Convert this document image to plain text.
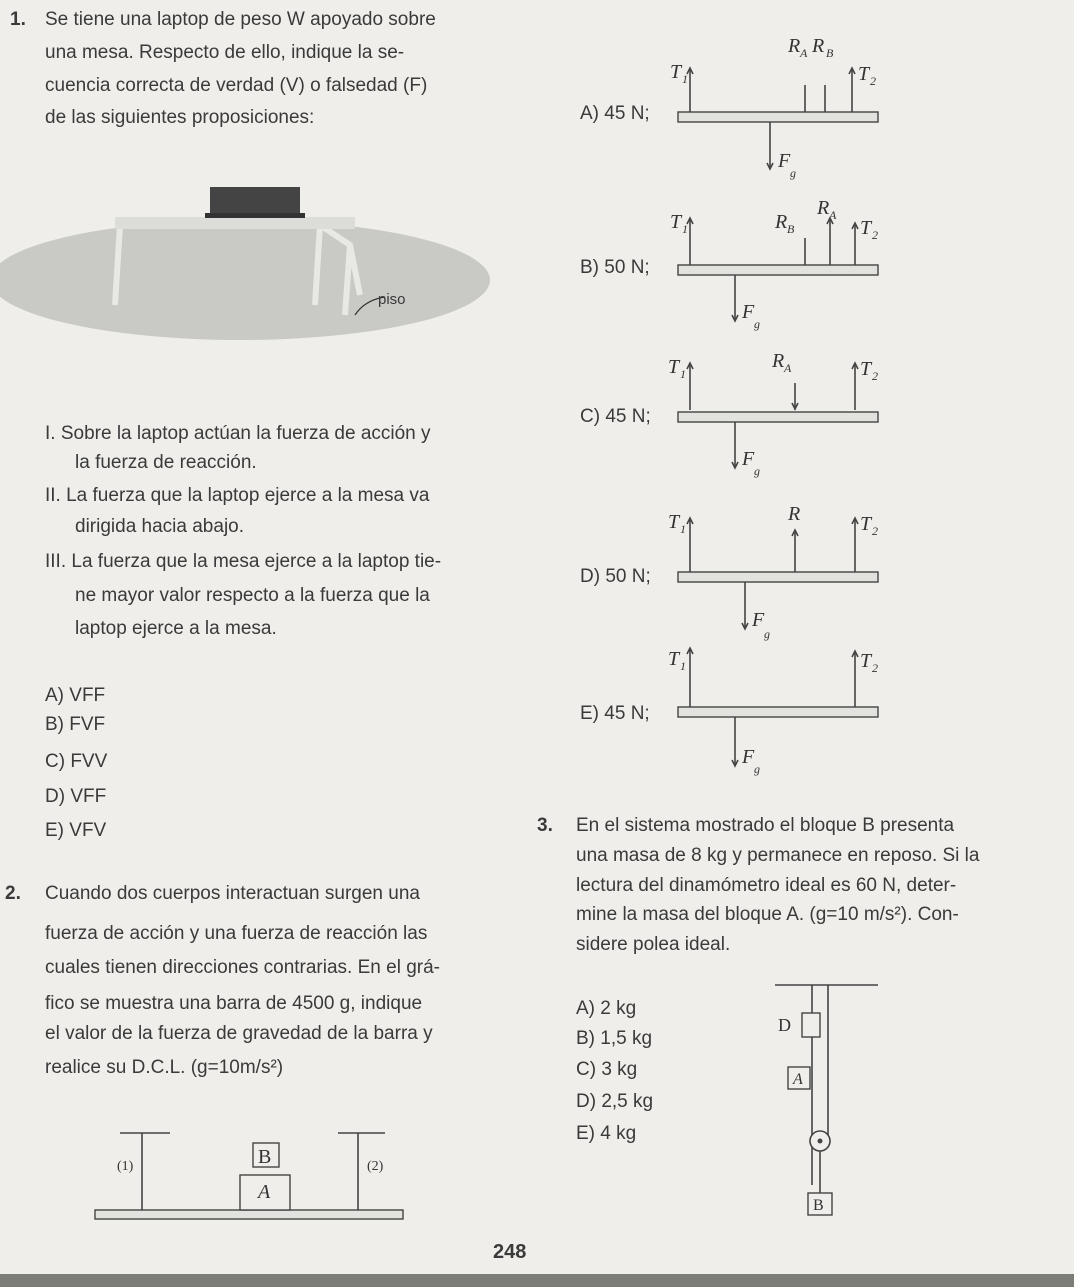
1. Se tiene una laptop de peso W apoyado sobre
una mesa. Respecto de ello, indique la se-
cuencia correcta de verdad (V) o falsedad (F)
de las siguientes proposiciones:
piso
I. Sobre la laptop actúan la fuerza de acción y
la fuerza de reacción.
II. La fuerza que la laptop ejerce a la mesa va
dirigida hacia abajo.
III. La fuerza que la mesa ejerce a la laptop tie-
ne mayor valor respecto a la fuerza que la
laptop ejerce a la mesa.
A) VFF
B) FVF
C) FVV
D) VFF
E) VFV
2. Cuando dos cuerpos interactuan surgen una
fuerza de acción y una fuerza de reacción las
cuales tienen direcciones contrarias. En el grá-
fico se muestra una barra de 4500 g, indique
el valor de la fuerza de gravedad de la barra y
realice su D.C.L. (g=10m/s²)
(1)	(2)
B
A
A) 45 N;
B) 50 N;
C) 45 N;
D) 50 N;
E) 45 N;
T 1
R A R B
T 2
F
g
T 1	R B
R A
T 2
F
g
T 1
R A	T 2
F
g
T 1
R	T 2
F
g
T 1	T 2
F
g
3. En el sistema mostrado el bloque B presenta
una masa de 8 kg y permanece en reposo. Si la
lectura del dinamómetro ideal es 60 N, deter-
mine la masa del bloque A. (g=10 m/s²). Con-
sidere polea ideal.
A) 2 kg
B) 1,5 kg
C) 3 kg
D) 2,5 kg
E) 4 kg
D
A
B
248
